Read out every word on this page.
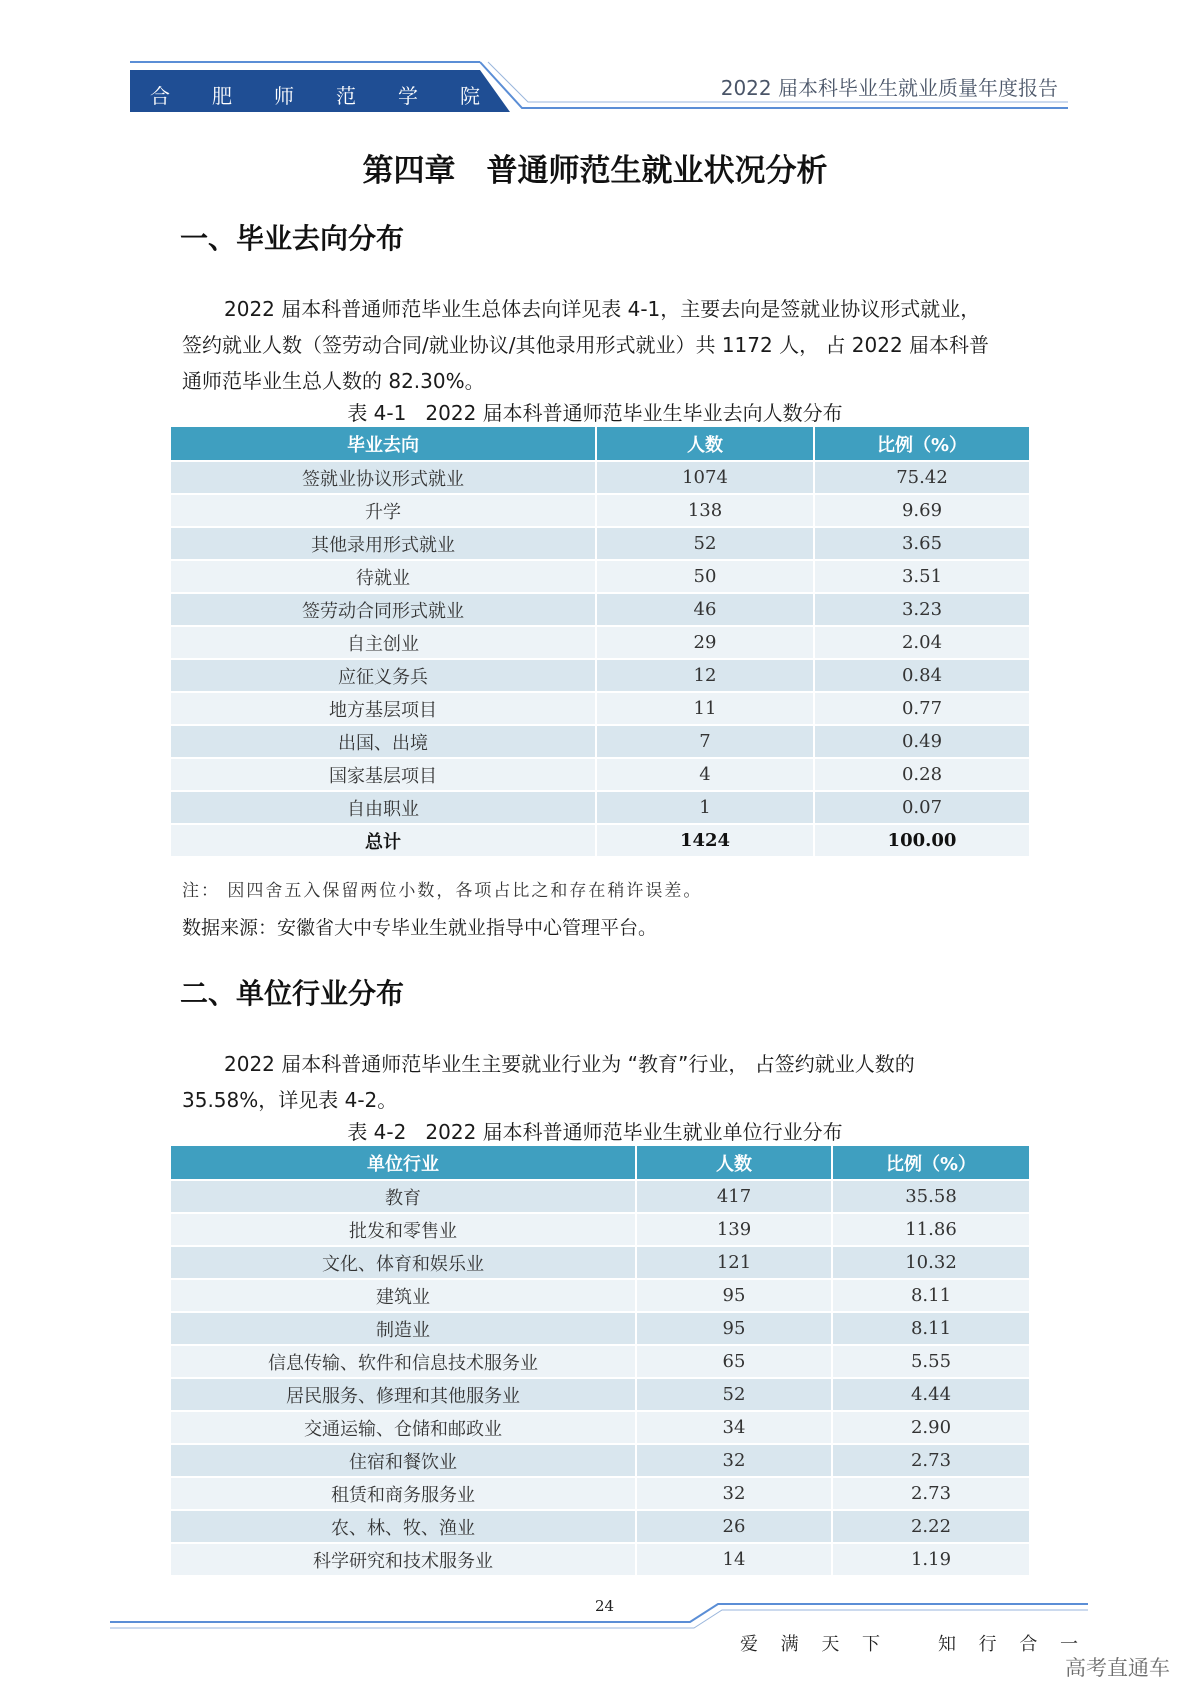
合 肥 师 范 学 院	2022 届本科毕业生就业质量年度报告
第四章　普通师范生就业状况分析
一、毕业去向分布
2022 届本科普通师范毕业生总体去向详见表 4-1，主要去向是签就业协议形式就业，
签约就业人数（签劳动合同/就业协议/其他录用形式就业）共 1172 人， 占 2022 届本科普
通师范毕业生总人数的 82.30%。
表 4-1   2022 届本科普通师范毕业生毕业去向人数分布
毕业去向	人数	比例（%）
签就业协议形式就业	1074	75.42
升学	138	9.69
其他录用形式就业	52	3.65
待就业	50	3.51
签劳动合同形式就业	46	3.23
自主创业	29	2.04
应征义务兵	12	0.84
地方基层项目	11	0.77
出国、出境	7	0.49
国家基层项目	4	0.28
自由职业	1	0.07
总计	1424	100.00
注： 因四舍五入保留两位小数，各项占比之和存在稍许误差。
数据来源：安徽省大中专毕业生就业指导中心管理平台。
二、单位行业分布
2022 届本科普通师范毕业生主要就业行业为 “教育”行业， 占签约就业人数的
35.58%，详见表 4-2。
表 4-2   2022 届本科普通师范毕业生就业单位行业分布
单位行业	人数	比例（%）
教育	417	35.58
批发和零售业	139	11.86
文化、体育和娱乐业	121	10.32
建筑业	95	8.11
制造业	95	8.11
信息传输、软件和信息技术服务业	65	5.55
居民服务、修理和其他服务业	52	4.44
交通运输、仓储和邮政业	34	2.90
住宿和餐饮业	32	2.73
租赁和商务服务业	32	2.73
农、林、牧、渔业	26	2.22
科学研究和技术服务业	14	1.19
24
爱 满 天 下	知 行 合 一
高考直通车
